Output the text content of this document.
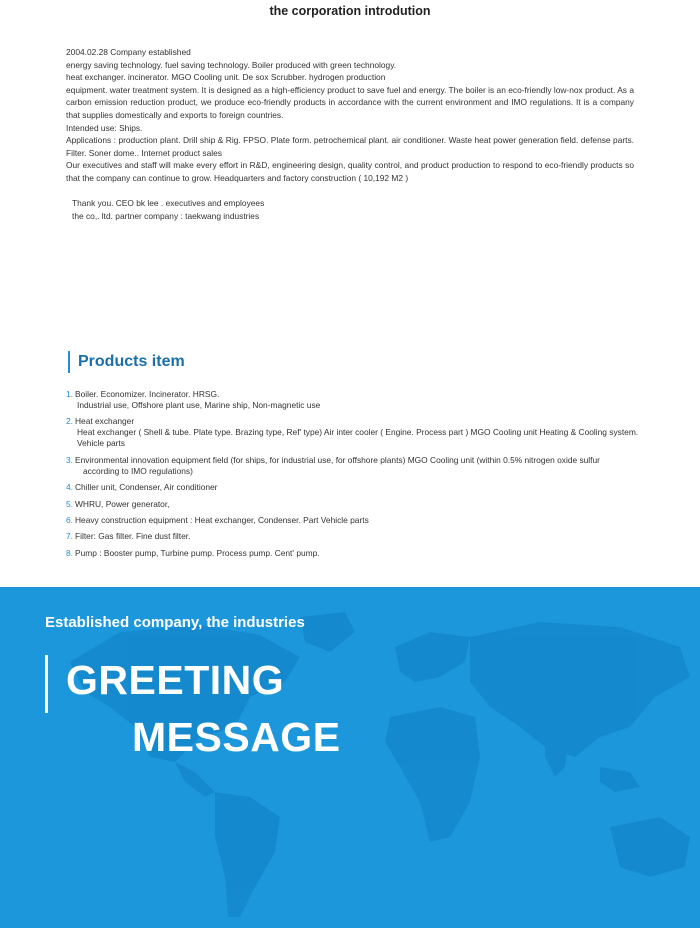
the corporation introdution

2004.02.28 Company established

energy saving technology. fuel saving technology. Boiler produced with green technology.

heat exchanger. incinerator. MGO Cooling unit. De sox Scrubber. hydrogen production

equipment. water treatment system. It is designed as a high-efficiency product to save fuel and energy. The boiler is an eco-friendly low-nox product. As a carbon emission reduction product, we produce eco-friendly products in accordance with the current environment and IMO regulations. It is a company that supplies domestically and exports to foreign countries.

Intended use: Ships.

Applications : production plant. Drill ship & Rig. FPSO. Plate form. petrochemical plant. air conditioner. Waste heat power generation field. defense parts. Filter. Soner dome.. Internet product sales

Our executives and staff will make every effort in R&D, engineering design, quality control, and product production to respond to eco-friendly products so that the company can continue to grow. Headquarters and factory construction ( 10,192 M2 )

Thank you. CEO bk lee . executives and employees

the co,. ltd. partner company : taekwang industries

Products item
1. Boiler. Economizer. Incinerator. HRSG.
Industrial use, Offshore plant use, Marine ship, Non-magnetic use
2. Heat exchanger
Heat exchanger ( Shell & tube. Plate type. Brazing type, Ref' type) Air inter cooler ( Engine. Process part ) MGO Cooling unit Heating & Cooling system. Vehicle parts
3. Environmental innovation equipment field (for ships, for industrial use, for offshore plants) MGO Cooling unit (within 0.5% nitrogen oxide sulfur
according to IMO regulations)
4. Chiller unit, Condenser, Air conditioner
5. WHRU, Power generator,
6. Heavy construction equipment : Heat exchanger, Condenser. Part Vehicle parts
7. Filter: Gas filter. Fine dust filter.
8. Pump : Booster pump, Turbine pump. Process pump. Cent' pump.
Established company, the industries
GREETING
MESSAGE
